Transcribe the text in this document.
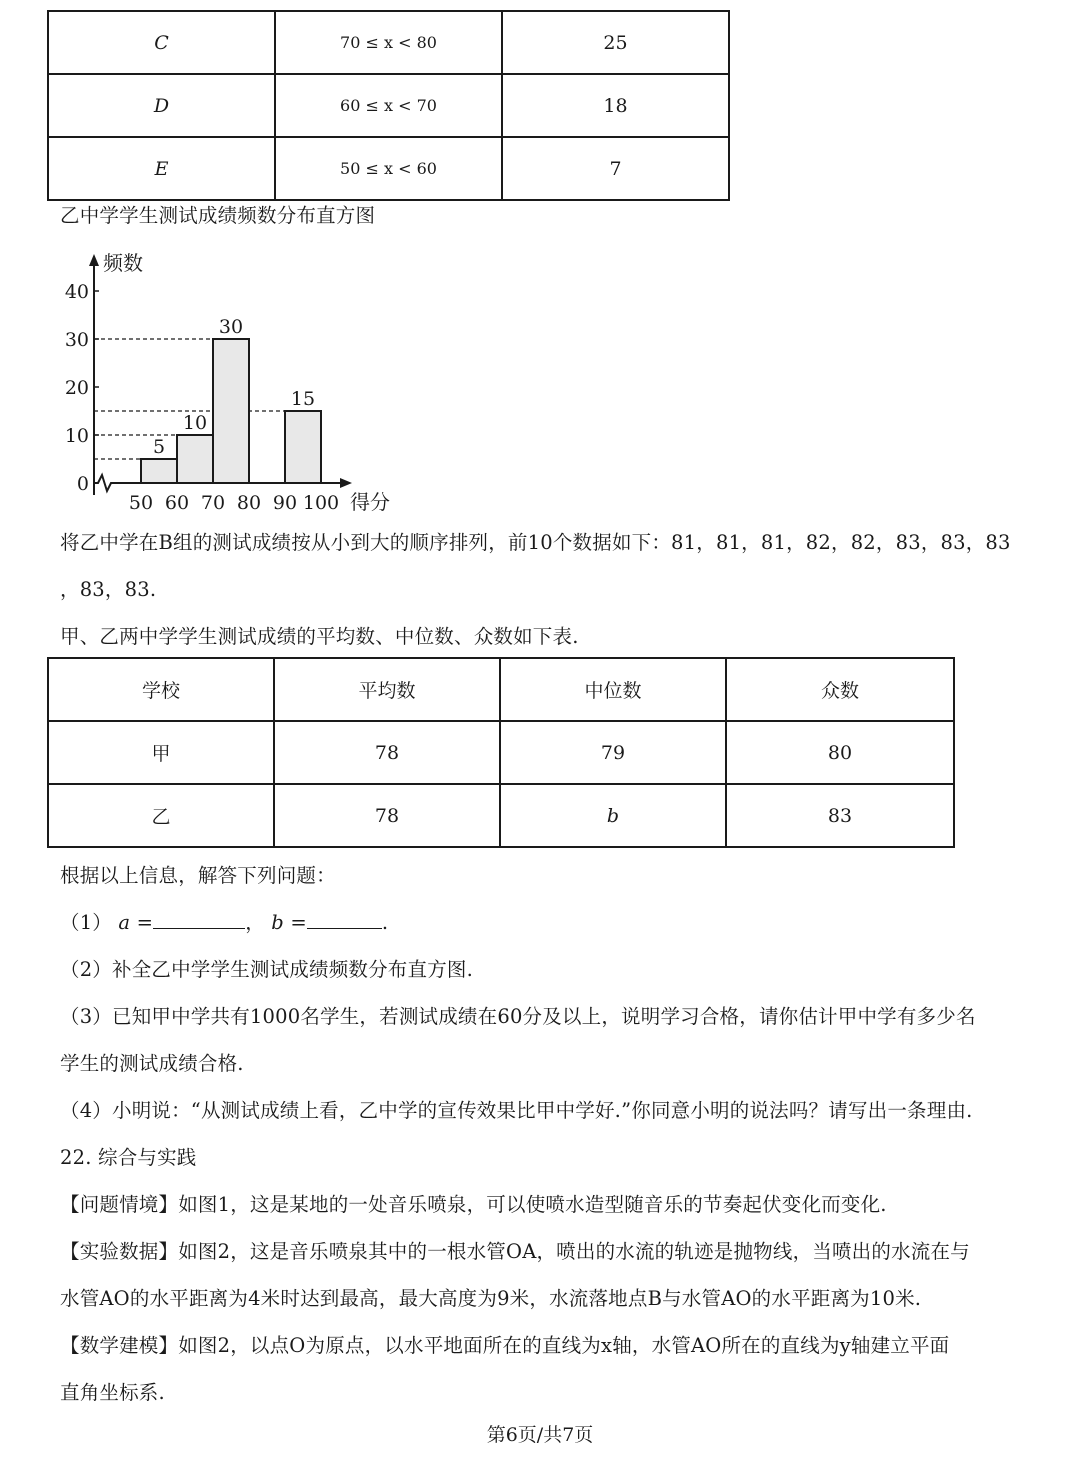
C	70 ≤ x < 80	25
D	60 ≤ x < 70	18
E	50 ≤ x < 60	7
乙中学学生测试成绩频数分布直方图
5
10
30
15
频数
得分
0
10
20
30
40
50 60 70 80 90 100
将乙中学在B组的测试成绩按从小到大的顺序排列，前10个数据如下：81，81，81，82，82，83，83，83
，83，83.
甲、乙两中学学生测试成绩的平均数、中位数、众数如下表.
学校	平均数	中位数	众数
甲	78	79	80
乙	78	b	83
根据以上信息，解答下列问题：
（1） a =	， b =	.
（2）补全乙中学学生测试成绩频数分布直方图.
（3）已知甲中学共有1000名学生，若测试成绩在60分及以上，说明学习合格，请你估计甲中学有多少名
学生的测试成绩合格.
（4）小明说：“从测试成绩上看，乙中学的宣传效果比甲中学好.”你同意小明的说法吗？请写出一条理由.
22. 综合与实践
【问题情境】如图1，这是某地的一处音乐喷泉，可以使喷水造型随音乐的节奏起伏变化而变化.
【实验数据】如图2，这是音乐喷泉其中的一根水管OA，喷出的水流的轨迹是抛物线，当喷出的水流在与
水管AO的水平距离为4米时达到最高，最大高度为9米，水流落地点B与水管AO的水平距离为10米.
【数学建模】如图2，以点O为原点，以水平地面所在的直线为x轴，水管AO所在的直线为y轴建立平面
直角坐标系.
第6页/共7页
